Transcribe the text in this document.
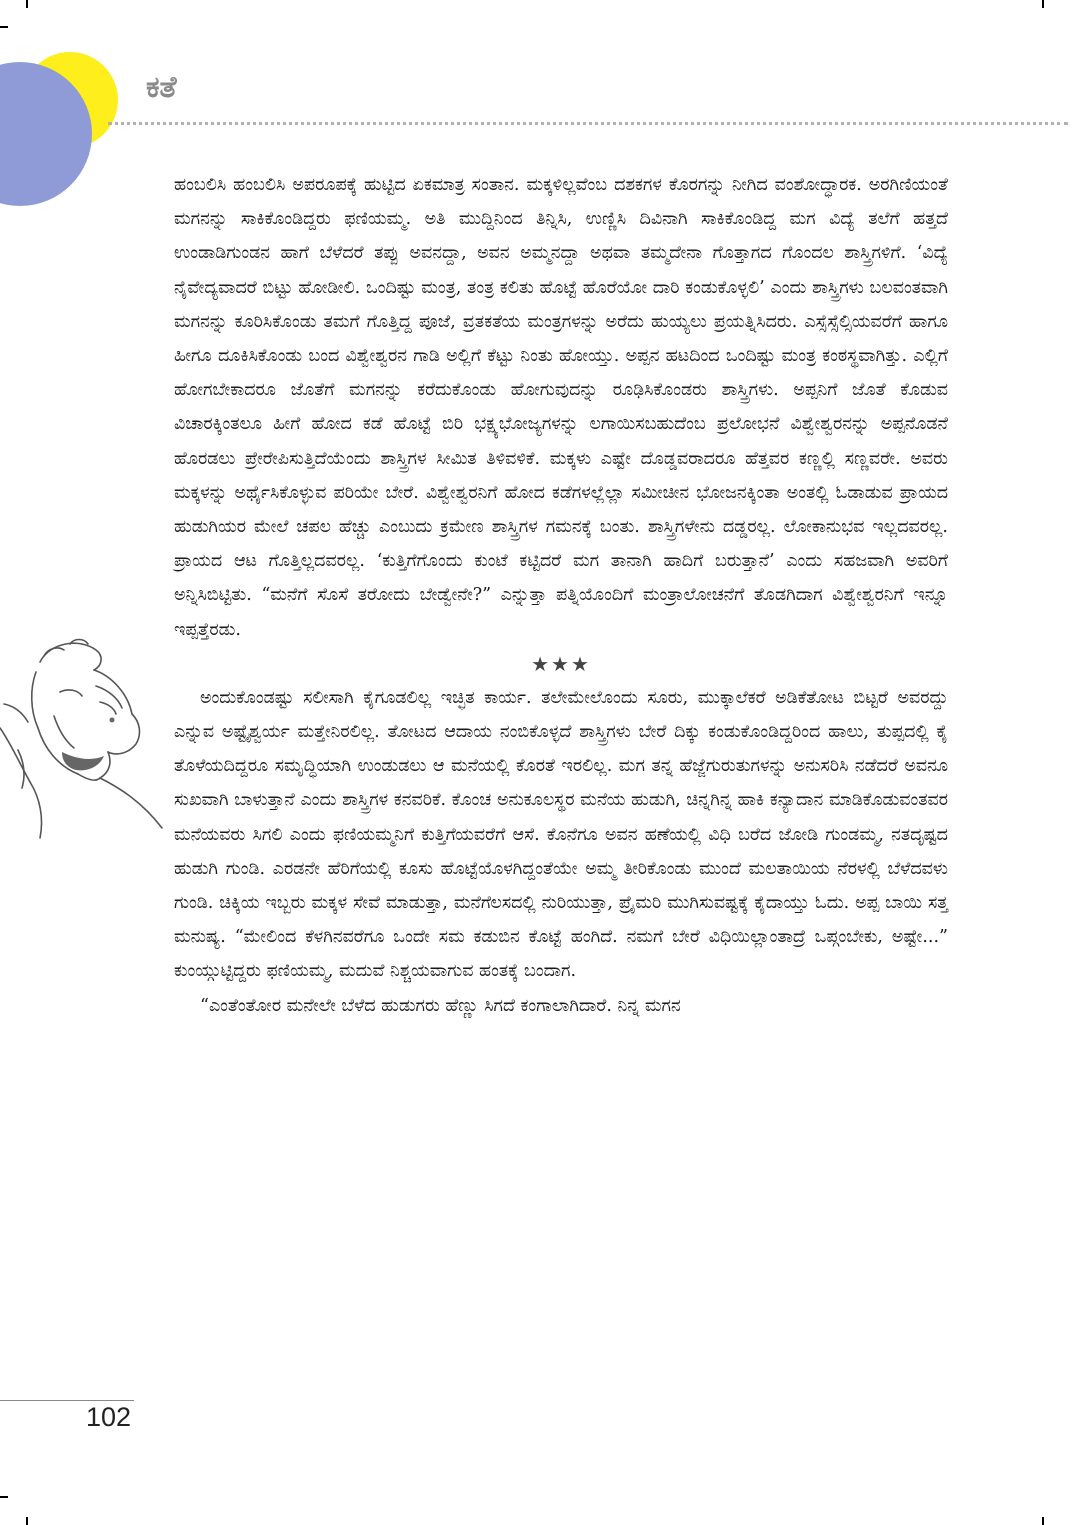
ಕತೆ

ಹಂಬಲಿಸಿ ಹಂಬಲಿಸಿ ಅಪರೂಪಕ್ಕೆ ಹುಟ್ಟಿದ ಏಕಮಾತ್ರ ಸಂತಾನ. ಮಕ್ಕಳಿಲ್ಲವೆಂಬ ದಶಕಗಳ ಕೊರಗನ್ನು ನೀಗಿದ ವಂಶೋದ್ಧಾರಕ. ಅರಗಿಣಿಯಂತೆ ಮಗನನ್ನು ಸಾಕಿಕೊಂಡಿದ್ದರು ಫಣಿಯಮ್ಮ. ಅತಿ ಮುದ್ದಿನಿಂದ ತಿನ್ನಿಸಿ, ಉಣ್ಣಿಸಿ ದಿವಿನಾಗಿ ಸಾಕಿಕೊಂಡಿದ್ದ ಮಗ ವಿದ್ಯೆ ತಲೆಗೆ ಹತ್ತದೆ ಉಂಡಾಡಿಗುಂಡನ ಹಾಗೆ ಬೆಳೆದರೆ ತಪ್ಪು ಅವನದ್ದಾ, ಅವನ ಅಮ್ಮನದ್ದಾ ಅಥವಾ ತಮ್ಮದೇನಾ ಗೊತ್ತಾಗದ ಗೊಂದಲ ಶಾಸ್ತ್ರಿಗಳಿಗೆ. ‘ವಿದ್ಯೆ ನೈವೇದ್ಯವಾದರೆ ಬಿಟ್ಟು ಹೋಡೀಲಿ. ಒಂದಿಷ್ಟು ಮಂತ್ರ, ತಂತ್ರ ಕಲಿತು ಹೊಟ್ಟೆ ಹೊರೆಯೋ ದಾರಿ ಕಂಡುಕೊಳ್ಳಲಿ’ ಎಂದು ಶಾಸ್ತ್ರಿಗಳು ಬಲವಂತವಾಗಿ ಮಗನನ್ನು ಕೂರಿಸಿಕೊಂಡು ತಮಗೆ ಗೊತ್ತಿದ್ದ ಪೂಜೆ, ವ್ರತಕತೆಯ ಮಂತ್ರಗಳನ್ನು ಅರೆದು ಹುಯ್ಯಲು ಪ್ರಯತ್ನಿಸಿದರು. ಎಸ್ಸೆಸ್ಸೆಲ್ಸಿಯವರೆಗೆ ಹಾಗೂ ಹೀಗೂ ದೂಕಿಸಿಕೊಂಡು ಬಂದ ವಿಶ್ವೇಶ್ವರನ ಗಾಡಿ ಅಲ್ಲಿಗೆ ಕೆಟ್ಟು ನಿಂತು ಹೋಯ್ತು. ಅಪ್ಪನ ಹಟದಿಂದ ಒಂದಿಷ್ಟು ಮಂತ್ರ ಕಂಠಸ್ಥವಾಗಿತ್ತು. ಎಲ್ಲಿಗೆ ಹೋಗಬೇಕಾದರೂ ಜೊತೆಗೆ ಮಗನನ್ನು ಕರೆದುಕೊಂಡು ಹೋಗುವುದನ್ನು ರೂಢಿಸಿಕೊಂಡರು ಶಾಸ್ತ್ರಿಗಳು. ಅಪ್ಪನಿಗೆ ಜೊತೆ ಕೊಡುವ ವಿಚಾರಕ್ಕಿಂತಲೂ ಹೀಗೆ ಹೋದ ಕಡೆ ಹೊಟ್ಟೆ ಬಿರಿ ಭಕ್ಷ್ಯಭೋಜ್ಯಗಳನ್ನು ಲಗಾಯಿಸಬಹುದೆಂಬ ಪ್ರಲೋಭನೆ ವಿಶ್ವೇಶ್ವರನನ್ನು ಅಪ್ಪನೊಡನೆ ಹೊರಡಲು ಪ್ರೇರೇಪಿಸುತ್ತಿದೆಯೆಂದು ಶಾಸ್ತ್ರಿಗಳ ಸೀಮಿತ ತಿಳಿವಳಿಕೆ. ಮಕ್ಕಳು ಎಷ್ಟೇ ದೊಡ್ಡವರಾದರೂ ಹೆತ್ತವರ ಕಣ್ಣಲ್ಲಿ ಸಣ್ಣವರೇ. ಅವರು ಮಕ್ಕಳನ್ನು ಅರ್ಥೈಸಿಕೊಳ್ಳುವ ಪರಿಯೇ ಬೇರೆ. ವಿಶ್ವೇಶ್ವರನಿಗೆ ಹೋದ ಕಡೆಗಳಲ್ಲೆಲ್ಲಾ ಸಮೀಚೀನ ಭೋಜನಕ್ಕಿಂತಾ ಅಂತಲ್ಲಿ ಓಡಾಡುವ ಪ್ರಾಯದ ಹುಡುಗಿಯರ ಮೇಲೆ ಚಪಲ ಹೆಚ್ಚು ಎಂಬುದು ಕ್ರಮೇಣ ಶಾಸ್ತ್ರಿಗಳ ಗಮನಕ್ಕೆ ಬಂತು. ಶಾಸ್ತ್ರಿಗಳೇನು ದಡ್ಡರಲ್ಲ. ಲೋಕಾನುಭವ ಇಲ್ಲದವರಲ್ಲ. ಪ್ರಾಯದ ಆಟ ಗೊತ್ತಿಲ್ಲದವರಲ್ಲ. ‘ಕುತ್ತಿಗೆಗೊಂದು ಕುಂಟೆ ಕಟ್ಟಿದರೆ ಮಗ ತಾನಾಗಿ ಹಾದಿಗೆ ಬರುತ್ತಾನೆ’ ಎಂದು ಸಹಜವಾಗಿ ಅವರಿಗೆ ಅನ್ನಿಸಿಬಿಟ್ಟಿತು. “ಮನೆಗೆ ಸೊಸೆ ತರೋದು ಬೇಡ್ವೇನೇ?” ಎನ್ನುತ್ತಾ ಪತ್ನಿಯೊಂದಿಗೆ ಮಂತ್ರಾಲೋಚನೆಗೆ ತೊಡಗಿದಾಗ ವಿಶ್ವೇಶ್ವರನಿಗೆ ಇನ್ನೂ ಇಪ್ಪತ್ತೆರಡು.

★★★

ಅಂದುಕೊಂಡಷ್ಟು ಸಲೀಸಾಗಿ ಕೈಗೂಡಲಿಲ್ಲ ಇಚ್ಛಿತ ಕಾರ್ಯ. ತಲೇಮೇಲೊಂದು ಸೂರು, ಮುಕ್ಕಾಲೆಕರೆ ಅಡಿಕೆತೋಟ ಬಿಟ್ಟರೆ ಅವರದ್ದು ಎನ್ನುವ ಅಷ್ಟೈಶ್ವರ್ಯ ಮತ್ತೇನಿರಲಿಲ್ಲ. ತೋಟದ ಆದಾಯ ನಂಬಿಕೊಳ್ಳದೆ ಶಾಸ್ತ್ರಿಗಳು ಬೇರೆ ದಿಕ್ಕು ಕಂಡುಕೊಂಡಿದ್ದರಿಂದ ಹಾಲು, ತುಪ್ಪದಲ್ಲಿ ಕೈ ತೊಳೆಯದಿದ್ದರೂ ಸಮೃದ್ಧಿಯಾಗಿ ಉಂಡುಡಲು ಆ ಮನೆಯಲ್ಲಿ ಕೊರತೆ ಇರಲಿಲ್ಲ. ಮಗ ತನ್ನ ಹೆಜ್ಜೆಗುರುತುಗಳನ್ನು ಅನುಸರಿಸಿ ನಡೆದರೆ ಅವನೂ ಸುಖವಾಗಿ ಬಾಳುತ್ತಾನೆ ಎಂದು ಶಾಸ್ತ್ರಿಗಳ ಕನವರಿಕೆ. ಕೊಂಚ ಅನುಕೂಲಸ್ಥರ ಮನೆಯ ಹುಡುಗಿ, ಚಿನ್ನಗಿನ್ನ ಹಾಕಿ ಕನ್ಯಾದಾನ ಮಾಡಿಕೊಡುವಂತವರ ಮನೆಯವರು ಸಿಗಲಿ ಎಂದು ಫಣಿಯಮ್ಮನಿಗೆ ಕುತ್ತಿಗೆಯವರೆಗೆ ಆಸೆ. ಕೊನೆಗೂ ಅವನ ಹಣೆಯಲ್ಲಿ ವಿಧಿ ಬರೆದ ಜೋಡಿ ಗುಂಡಮ್ಮ, ನತದೃಷ್ಟದ ಹುಡುಗಿ ಗುಂಡಿ. ಎರಡನೇ ಹೆರಿಗೆಯಲ್ಲಿ ಕೂಸು ಹೊಟ್ಟೆಯೊಳಗಿದ್ದಂತೆಯೇ ಅಮ್ಮ ತೀರಿಕೊಂಡು ಮುಂದೆ ಮಲತಾಯಿಯ ನೆರಳಲ್ಲಿ ಬೆಳೆದವಳು ಗುಂಡಿ. ಚಿಕ್ಕಿಯ ಇಬ್ಬರು ಮಕ್ಕಳ ಸೇವೆ ಮಾಡುತ್ತಾ, ಮನೆಗೆಲಸದಲ್ಲಿ ನುರಿಯುತ್ತಾ, ಪ್ರೈಮರಿ ಮುಗಿಸುವಷ್ಟಕ್ಕೆ ಕೈದಾಯ್ತು ಓದು. ಅಪ್ಪ ಬಾಯಿ ಸತ್ತ ಮನುಷ್ಯ. “ಮೇಲಿಂದ ಕೆಳಗಿನವರೆಗೂ ಒಂದೇ ಸಮ ಕಡುಬಿನ ಕೊಟ್ಟೆ ಹಂಗಿದೆ. ನಮಗೆ ಬೇರೆ ವಿಧಿಯಿಲ್ಲಾಂತಾದ್ರೆ ಒಪ್ಗಂಬೇಕು, ಅಷ್ಟೇ...” ಕುಂಯ್ಗುಟ್ಟಿದ್ದರು ಫಣಿಯಮ್ಮ, ಮದುವೆ ನಿಶ್ಚಯವಾಗುವ ಹಂತಕ್ಕೆ ಬಂದಾಗ.

“ಎಂತೆಂತೋರ ಮನೇಲೇ ಬೆಳೆದ ಹುಡುಗರು ಹೆಣ್ಣು ಸಿಗದೆ ಕಂಗಾಲಾಗಿದಾರೆ. ನಿನ್ನ ಮಗನ

102
